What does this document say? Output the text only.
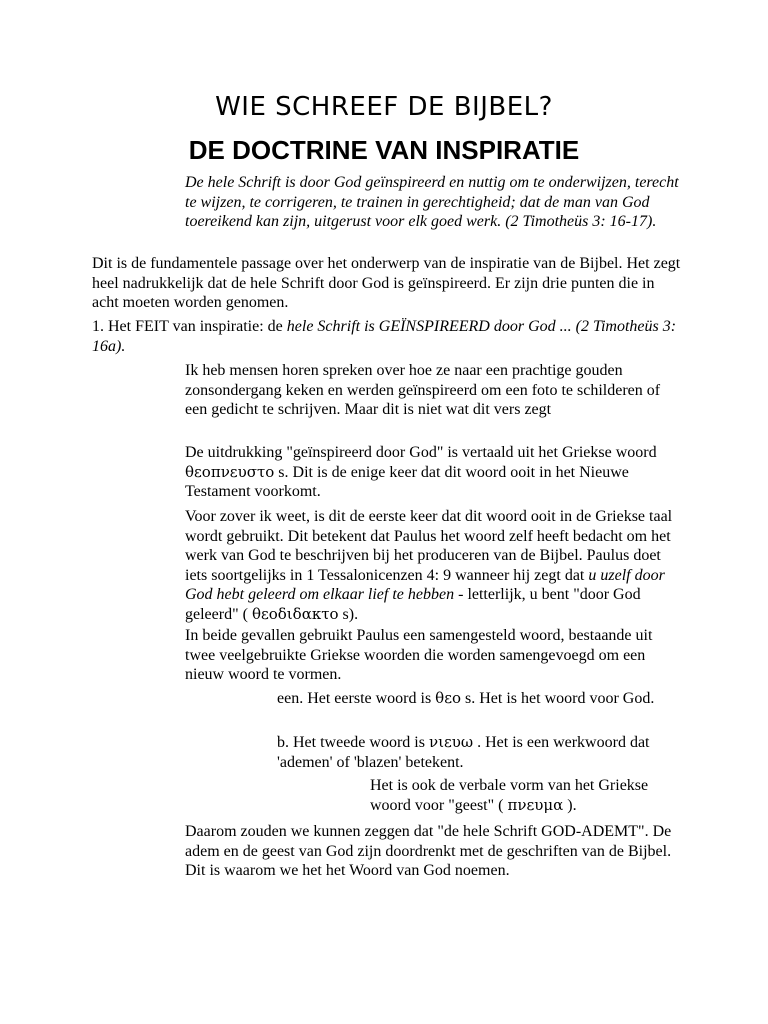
WIE SCHREEF DE BIJBEL?
DE DOCTRINE VAN INSPIRATIE

De hele Schrift is door God geïnspireerd en nuttig om te onderwijzen, terecht te wijzen, te corrigeren, te trainen in gerechtigheid; dat de man van God toereikend kan zijn, uitgerust voor elk goed werk. (2 Timotheüs 3: 16-17).

Dit is de fundamentele passage over het onderwerp van de inspiratie van de Bijbel. Het zegt heel nadrukkelijk dat de hele Schrift door God is geïnspireerd. Er zijn drie punten die in acht moeten worden genomen.

1. Het FEIT van inspiratie: de hele Schrift is GEÏNSPIREERD door God ... (2 Timotheüs 3: 16a).

Ik heb mensen horen spreken over hoe ze naar een prachtige gouden zonsondergang keken en werden geïnspireerd om een foto te schilderen of een gedicht te schrijven. Maar dit is niet wat dit vers zegt

De uitdrukking "geïnspireerd door God" is vertaald uit het Griekse woord θεοπνευστο s. Dit is de enige keer dat dit woord ooit in het Nieuwe Testament voorkomt.

Voor zover ik weet, is dit de eerste keer dat dit woord ooit in de Griekse taal wordt gebruikt. Dit betekent dat Paulus het woord zelf heeft bedacht om het werk van God te beschrijven bij het produceren van de Bijbel. Paulus doet iets soortgelijks in 1 Tessalonicenzen 4: 9 wanneer hij zegt dat u uzelf door God hebt geleerd om elkaar lief te hebben - letterlijk, u bent "door God geleerd" ( θεοδιδακτο s).

In beide gevallen gebruikt Paulus een samengesteld woord, bestaande uit twee veelgebruikte Griekse woorden die worden samengevoegd om een nieuw woord te vormen.

een. Het eerste woord is θεο s. Het is het woord voor God.

b. Het tweede woord is νιευω . Het is een werkwoord dat 'ademen' of 'blazen' betekent.

Het is ook de verbale vorm van het Griekse woord voor "geest" ( πνευμα ).

Daarom zouden we kunnen zeggen dat "de hele Schrift GOD-ADEMT". De adem en de geest van God zijn doordrenkt met de geschriften van de Bijbel. Dit is waarom we het het Woord van God noemen.
